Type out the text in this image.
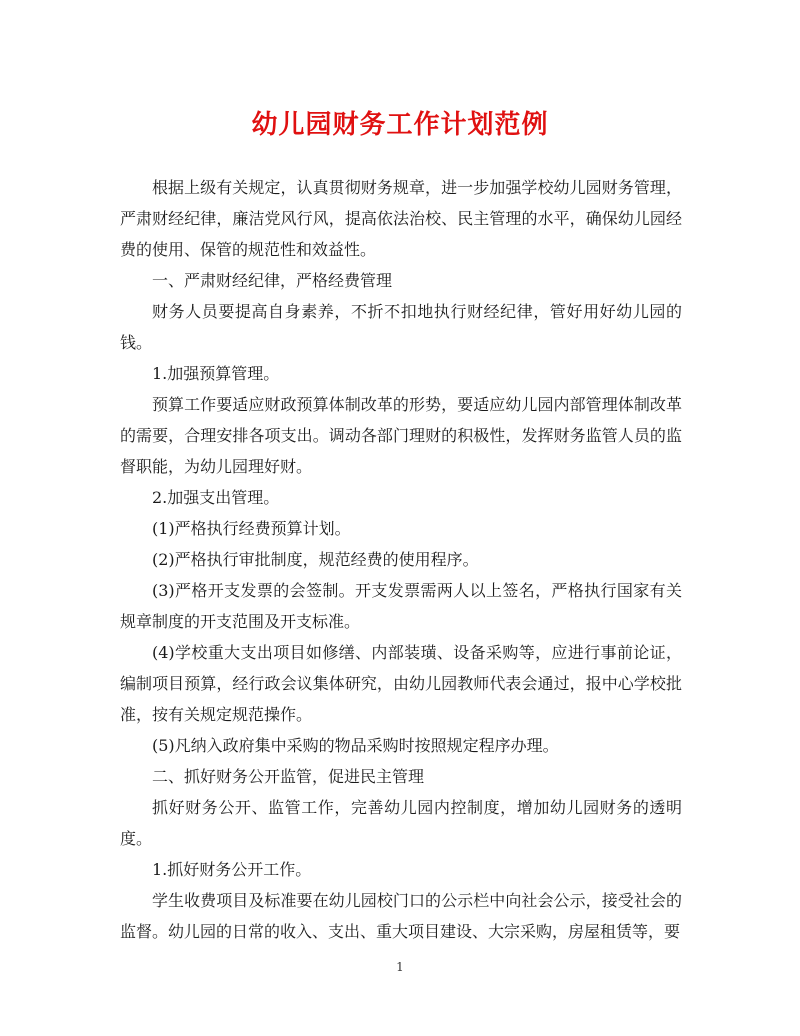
幼儿园财务工作计划范例

根据上级有关规定，认真贯彻财务规章，进一步加强学校幼儿园财务管理，严肃财经纪律，廉洁党风行风，提高依法治校、民主管理的水平，确保幼儿园经费的使用、保管的规范性和效益性。

一、严肃财经纪律，严格经费管理

财务人员要提高自身素养，不折不扣地执行财经纪律，管好用好幼儿园的钱。

1.加强预算管理。

预算工作要适应财政预算体制改革的形势，要适应幼儿园内部管理体制改革的需要，合理安排各项支出。调动各部门理财的积极性，发挥财务监管人员的监督职能，为幼儿园理好财。

2.加强支出管理。

(1)严格执行经费预算计划。

(2)严格执行审批制度，规范经费的使用程序。

(3)严格开支发票的会签制。开支发票需两人以上签名，严格执行国家有关规章制度的开支范围及开支标准。

(4)学校重大支出项目如修缮、内部装璜、设备采购等，应进行事前论证，编制项目预算，经行政会议集体研究，由幼儿园教师代表会通过，报中心学校批准，按有关规定规范操作。

(5)凡纳入政府集中采购的物品采购时按照规定程序办理。

二、抓好财务公开监管，促进民主管理

抓好财务公开、监管工作，完善幼儿园内控制度，增加幼儿园财务的透明度。

1.抓好财务公开工作。

学生收费项目及标准要在幼儿园校门口的公示栏中向社会公示，接受社会的监督。幼儿园的日常的收入、支出、重大项目建设、大宗采购，房屋租赁等，要

1
